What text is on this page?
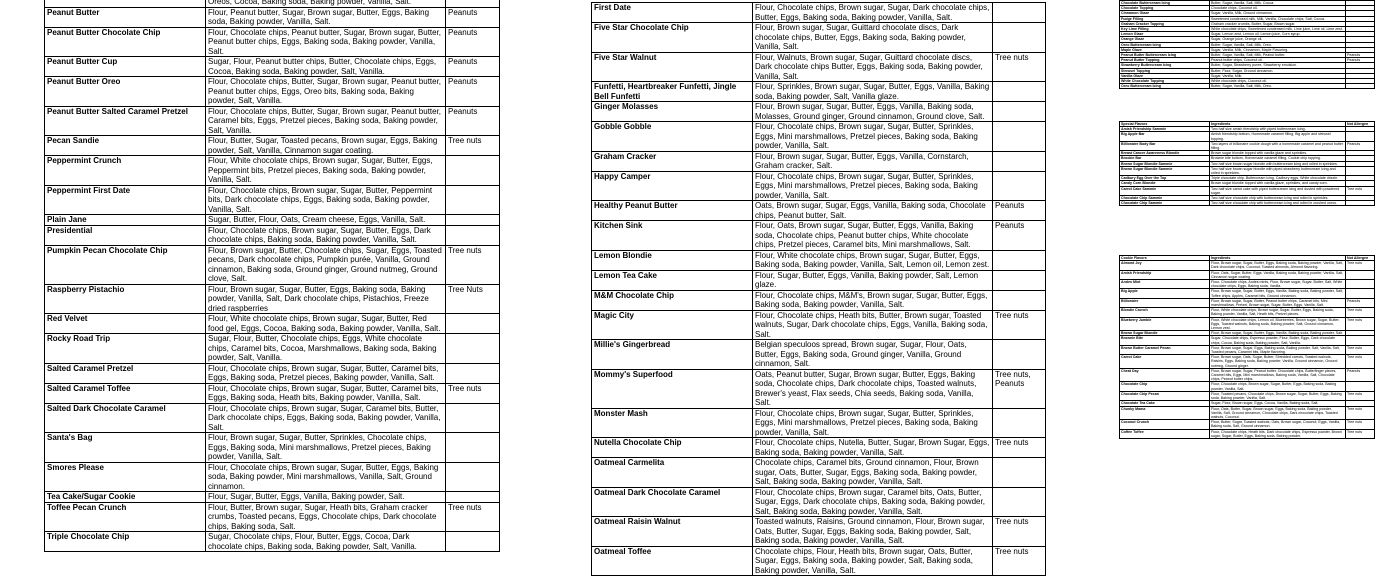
	Oreos, Cocoa, Baking soda, Baking powder, Vanilla, Salt.	
Peanut Butter	Flour, Peanut butter, Sugar, Brown sugar, Butter, Eggs, Baking soda, Baking powder, Vanilla, Salt.	Peanuts
Peanut Butter Chocolate Chip	Flour, Chocolate chips, Peanut butter, Sugar, Brown sugar, Butter, Peanut butter chips, Eggs, Baking soda, Baking powder, Vanilla, Salt.	Peanuts
Peanut Butter Cup	Sugar, Flour, Peanut butter chips, Butter, Chocolate chips, Eggs, Cocoa, Baking soda, Baking powder, Salt, Vanilla.	Peanuts
Peanut Butter Oreo	Flour, Chocolate chips, Butter, Sugar, Brown sugar, Peanut butter, Peanut butter chips, Eggs, Oreo bits, Baking soda, Baking powder, Salt, Vanilla.	Peanuts
Peanut Butter Salted Caramel Pretzel	Flour, Chocolate chips, Butter, Sugar, Brown sugar, Peanut butter, Caramel bits, Eggs, Pretzel pieces, Baking soda, Baking powder, Salt, Vanilla.	Peanuts
Pecan Sandie	Flour, Butter, Sugar, Toasted pecans, Brown sugar, Eggs, Baking powder, Salt, Vanilla, Cinnamon sugar coating.	Tree nuts
Peppermint Crunch	Flour, White chocolate chips, Brown sugar, Sugar, Butter, Eggs, Peppermint bits, Pretzel pieces, Baking soda, Baking powder, Vanilla, Salt.	
Peppermint First Date	Flour, Chocolate chips, Brown sugar, Sugar, Butter, Peppermint bits, Dark chocolate chips, Eggs, Baking soda, Baking powder, Vanilla, Salt.	
Plain Jane	Sugar, Butter, Flour, Oats, Cream cheese, Eggs, Vanilla, Salt.	
Presidential	Flour, Chocolate chips, Brown sugar, Sugar, Butter, Eggs, Dark chocolate chips, Baking soda, Baking powder, Vanilla, Salt.	
Pumpkin Pecan Chocolate Chip	Flour, Brown sugar, Butter, Chocolate chips, Sugar, Eggs, Toasted pecans, Dark chocolate chips, Pumpkin purée, Vanilla, Ground cinnamon, Baking soda, Ground ginger, Ground nutmeg, Ground clove, Salt.	Tree nuts
Raspberry Pistachio	Flour, Brown sugar, Sugar, Butter, Eggs, Baking soda, Baking powder, Vanilla, Salt, Dark chocolate chips, Pistachios, Freeze dried raspberries	Tree Nuts
Red Velvet	Flour, White chocolate chips, Brown sugar, Sugar, Butter, Red food gel, Eggs, Cocoa, Baking soda, Baking powder, Vanilla, Salt.	
Rocky Road Trip	Sugar, Flour, Butter, Chocolate chips, Eggs, White chocolate chips, Caramel bits, Cocoa, Marshmallows, Baking soda, Baking powder, Salt, Vanilla.	
Salted Caramel Pretzel	Flour, Chocolate chips, Brown sugar, Sugar, Butter, Caramel bits, Eggs, Baking soda, Pretzel pieces, Baking powder, Vanilla, Salt.	
Salted Caramel Toffee	Flour, Chocolate chips, Brown sugar, Sugar, Butter, Caramel bits, Eggs, Baking soda, Heath bits, Baking powder, Vanilla, Salt.	Tree nuts
Salted Dark Chocolate Caramel	Flour, Chocolate chips, Brown sugar, Sugar, Caramel bits, Butter, Dark chocolate chips, Eggs, Baking soda, Baking powder, Vanilla, Salt.	
Santa's Bag	Flour, Brown sugar, Sugar, Butter, Sprinkles, Chocolate chips, Eggs, Baking soda, Mini marshmallows, Pretzel pieces, Baking powder, Vanilla, Salt.	
Smores Please	Flour, Chocolate chips, Brown sugar, Sugar, Butter, Eggs, Baking soda, Baking powder, Mini marshmallows, Vanilla, Salt, Ground cinnamon.	
Tea Cake/Sugar Cookie	Flour, Sugar, Butter, Eggs, Vanilla, Baking powder, Salt.	
Toffee Pecan Crunch	Flour, Butter, Brown sugar, Sugar, Heath bits, Graham cracker crumbs, Toasted pecans, Eggs, Chocolate chips, Dark chocolate chips, Baking soda, Salt.	Tree nuts
Triple Chocolate Chip	Sugar, Chocolate chips, Flour, Butter, Eggs, Cocoa, Dark chocolate chips, Baking soda, Baking powder, Salt, Vanilla.	
First Date	Flour, Chocolate chips, Brown sugar, Sugar, Dark chocolate chips, Butter, Eggs, Baking soda, Baking powder, Vanilla, Salt.	
Five Star Chocolate Chip	Flour, Brown sugar, Sugar, Guittard chocolate discs, Dark chocolate chips, Butter, Eggs, Baking soda, Baking powder, Vanilla, Salt.	
Five Star Walnut	Flour, Walnuts, Brown sugar, Sugar, Guittard chocolate discs, Dark chocolate chips Butter, Eggs, Baking soda, Baking powder, Vanilla, Salt.	Tree nuts
Funfetti, Heartbreaker Funfetti, Jingle Bell Funfetti	Flour, Sprinkles, Brown sugar, Sugar, Butter, Eggs, Vanilla, Baking soda, Baking powder, Salt, Vanilla glaze.	
Ginger Molasses	Flour, Brown sugar, Sugar, Butter, Eggs, Vanilla, Baking soda, Molasses, Ground ginger, Ground cinnamon, Ground clove, Salt.	
Gobble Gobble	Flour, Chocolate chips, Brown sugar, Sugar, Butter, Sprinkles, Eggs, Mini marshmallows, Pretzel pieces, Baking soda, Baking powder, Vanilla, Salt.	
Graham Cracker	Flour, Brown sugar, Sugar, Butter, Eggs, Vanilla, Cornstarch, Graham cracker, Salt.	
Happy Camper	Flour, Chocolate chips, Brown sugar, Sugar, Butter, Sprinkles, Eggs, Mini marshmallows, Pretzel pieces, Baking soda, Baking powder, Vanilla, Salt.	
Healthy Peanut Butter	Oats, Brown sugar, Sugar, Eggs, Vanilla, Baking soda, Chocolate chips, Peanut butter, Salt.	Peanuts
Kitchen Sink	Flour, Oats, Brown sugar, Sugar, Butter, Eggs, Vanilla, Baking soda, Chocolate chips, Peanut butter chips, White chocolate chips, Pretzel pieces, Caramel bits, Mini marshmallows, Salt.	Peanuts
Lemon Blondie	Flour, White chocolate chips, Brown sugar, Sugar, Butter, Eggs, Baking soda, Baking powder, Vanilla, Salt, Lemon oil, Lemon zest.	
Lemon Tea Cake	Flour, Sugar, Butter, Eggs, Vanilla, Baking powder, Salt, Lemon glaze.	
M&M Chocolate Chip	Flour, Chocolate chips, M&M's, Brown sugar, Sugar, Butter, Eggs, Baking soda, Baking powder, Vanilla, Salt.	
Magic City	Flour, Chocolate chips, Heath bits, Butter, Brown sugar, Toasted walnuts, Sugar, Dark chocolate chips, Eggs, Vanilla, Baking soda, Salt.	Tree nuts
Millie's Gingerbread	Belgian speculoos spread, Brown sugar, Sugar, Flour, Oats, Butter, Eggs, Baking soda, Ground ginger, Vanilla, Ground cinnamon, Salt.	
Mommy's Superfood	Oats, Peanut butter, Sugar, Brown sugar, Butter, Eggs, Baking soda, Chocolate chips, Dark chocolate chips, Toasted walnuts, Brewer's yeast, Flax seeds, Chia seeds, Baking soda, Vanilla, Salt.	Tree nuts, Peanuts
Monster Mash	Flour, Chocolate chips, Brown sugar, Sugar, Butter, Sprinkles, Eggs, Mini marshmallows, Pretzel pieces, Baking soda, Baking powder, Vanilla, Salt.	
Nutella Chocolate Chip	Flour, Chocolate chips, Nutella, Butter, Sugar, Brown Sugar, Eggs, Baking soda, Baking powder, Vanilla, Salt.	Tree nuts
Oatmeal Carmelita	Chocolate chips, Caramel bits, Ground cinnamon, Flour, Brown sugar, Oats, Butter, Sugar, Eggs, Baking soda, Baking powder, Salt, Baking soda, Baking powder, Vanilla, Salt.	
Oatmeal Dark Chocolate Caramel	Flour, Chocolate chips, Brown sugar, Caramel bits, Oats, Butter, Sugar, Eggs, Dark chocolate chips, Baking soda, Baking powder, Salt, Baking soda, Baking powder, Vanilla, Salt.	
Oatmeal Raisin Walnut	Toasted walnuts, Raisins, Ground cinnamon, Flour, Brown sugar, Oats, Butter, Sugar, Eggs, Baking soda, Baking powder, Salt, Baking soda, Baking powder, Vanilla, Salt.	Tree nuts
Oatmeal Toffee	Chocolate chips, Flour, Heath bits, Brown sugar, Oats, Butter, Sugar, Eggs, Baking soda, Baking powder, Salt, Baking soda, Baking powder, Vanilla, Salt.	Tree nuts
Chocolate Buttercream Icing	Butter, Sugar, Vanilla, Salt, Milk, Cocoa.	
Chocolate Topping	Chocolate chips, Coconut oil.	
Cinnamon Glaze	Sugar, Vanilla, Milk, Ground cinnamon.	
Fudge Filling	Sweetened condensed milk, Milk, Vanilla, Chocolate chips, Salt, Cocoa.	
Graham Cracker Topping	Graham cracker crumbs, Butter, Sugar, Brown sugar.	
Key Lime Filling	White chocolate chips, Sweetened condensed milk, Lime juice, Lime oil, Lime zest.	
Lemon Glaze	Sugar, Lemon zest, Lemon oil, Lemon juice, Corn syrup.	
Orange Glaze	Sugar, Orange juice, Orange oil.	
Oreo Buttercream Icing	Butter, Sugar, Vanilla, Salt, Milk, Oreo.	
Maple Glaze	Sugar, Vanilla, Milk, Cinnamon, Maple Flavoring.	
Peanut Butter Buttercream Icing	Butter, Sugar, Vanilla, Salt, Milk, Peanut butter.	Peanuts
Peanut Butter Topping	Peanut butter chips, Coconut oil.	Peanuts
Strawberry Buttercream Icing	Butter, Sugar, Strawberry puree, Strawberry emulsion.	
Streusel Topping	Butter, Flour, Sugar, Ground cinnamon.	
Vanilla Glaze	Sugar, Vanilla, Milk.	
White Chocolate Topping	White chocolate chips, Coconut oil.	
Oreo Buttercream Icing	Butter, Sugar, Vanilla, Salt, Milk, Oreo.	
Special Flavors	Ingredients	Not Allergen
Amish Friendship Sammie	Two half size amish friendship with piped buttercream icing.	
Big Apple Bar	Amish friendship bottom, Homemade caramel filling, Big apple and streusel topping.	
Billionaire Body Bar	Two layers of billionaire cookie dough with a homemade caramel and peanut butter filling.	Peanuts
Breast Cancer Awareness Blondie	Brown sugar blondie topped with vanilla glaze and sprinkles.	
Brookie Bar	Brownie bite bottom, Homemade caramel filling, Cookie chip topping.	
Brown Sugar Blondie Sammie	Two half size brown sugar blondie with buttercream icing and rolled in sprinkles.	
Brown Sugar Blondie Sammie	Two half size brown sugar blondie with piped strawberry buttercream icing and rolled in sprinkles.	
Cadbury Egg Over the Top	Triple chocolate chip, Buttercream icing, Cadbury eggs, White chocolate drizzle.	
Candy Corn Blondie	Brown sugar blondie topped with vanilla glaze, sprinkles, and candy corn.	
Carrot Cake Sammie	Two half size carrot cake with piped buttercream icing and dusted with powdered sugar.	Tree nuts
Chocolate Chip Sammie	Two half size chocolate chip with buttercream icing and rolled in sprinkles.	
Chocolate Chip Sammie	Two half size chocolate chip with buttercream icing and rolled in crushed oreos.	
Cookie Flavors	Ingredients	Not Allergen
Almond Joy	Flour, Brown sugar, Sugar, Butter, Eggs, Baking soda, Baking powder, Vanilla, Salt, Dark chocolate chips, Coconut, Toasted almonds, Almond flavoring.	Tree nuts
Amish Friendship	Flour, Oats, Sugar, Butter, Eggs, Vanilla, Baking soda, Baking powder, Vanilla, Salt, Cinnamon sugar coating.	
Andes Mint	Flour, Chocolate chips, Andes mints, Flour, Brown sugar, Sugar, Butter, Salt, White chocolate chips, Eggs, Baking soda, Vanilla.	
Big Apple	Flour, Brown sugar, Sugar, Butter, Eggs, Vanilla, Baking soda, Baking powder, Salt, Toffee chips, Apples, Caramel bits, Ground cinnamon.	
Billionaire	Flour, Brown sugar, Sugar, Butter, Peanut butter chips, Caramel bits, Mini marshmallows, Pretzel, Brown sugar, Sugar, Butter, Eggs, Vanilla, Salt.	Peanuts
Blondie Crunch	Flour, White chocolate chips, Brown sugar, Sugar, Butter, Eggs, Baking soda, Baking powder, Vanilla, Salt, Heath bits, Pretzel pieces.	Tree nuts
Blueberry Jumble	Flour, White chocolate chips, Lemon oil, Blueberries, Brown sugar, Sugar, Butter, Eggs, Toasted walnuts, Baking soda, Baking powder, Salt, Ground cinnamon, Lemon zest.	Tree nuts
Brown Sugar Blondie	Flour, Brown sugar, Sugar, Butter, Eggs, Vanilla, Baking soda, Baking powder, Salt.	
Brownie Bite	Sugar, Chocolate chips, Espresso powder, Flour, Butter, Eggs, Dark chocolate chips, Cocoa, Baking soda, Baking powder, Salt, Vanilla.	
Brown Butter Caramel Pecan	Flour, Brown sugar, Sugar, Eggs, Baking soda, Baking powder, Salt, Vanilla, Salt, Toasted pecans, Caramel bits, Maple flavoring.	Tree nuts
Carrot Cake	Flour, Brown sugar, Oats, Sugar, Butter, Shredded carrots, Toasted walnuts, Raisins, Eggs, Baking soda, Baking powder, Vanilla, Ground cinnamon, Ground nutmeg, Ground ginger.	Tree nuts
Cheat Day	Flour, Brown sugar, Sugar, Peanut butter, Chocolate chips, Butterfinger pieces, Caramel bits, Eggs, Mini marshmallows, Baking soda, Vanilla, Salt, Chocolate chips, Peanut butter chips.	Peanuts
Chocolate Chip	Flour, Chocolate chips, Brown sugar, Sugar, Butter, Eggs, Baking soda, Baking powder, Vanilla, Salt.	
Chocolate Chip Pecan	Flour, Toasted pecans, Chocolate chips, Brown sugar, Sugar, Butter, Eggs, Baking soda, Baking powder, Vanilla, Salt.	Tree nuts
Chocolate Tea Cake	Sugar, Flour, Brown sugar, Eggs, Cocoa, Vanilla, Baking soda, Salt.	
Chunky Mama	Flour, Oats, Butter, Sugar, Brown sugar, Eggs, Baking soda, Baking powder, Vanilla, Salt, Ground cinnamon, Chocolate chips, Dark chocolate chips, Toasted walnuts, Coconut.	Tree nuts
Coconut Crunch	Flour, Butter, Sugar, Toasted walnuts, Oats, Brown sugar, Coconut, Eggs, Vanilla, Baking soda, Salt, Ground cinnamon.	Tree nuts
Coffee Toffee	Flour, Chocolate chips, Heath bits, Dark chocolate chips, Espresso powder, Brown sugar, Sugar, Butter, Eggs, Baking soda, Baking powder.	Tree nuts
